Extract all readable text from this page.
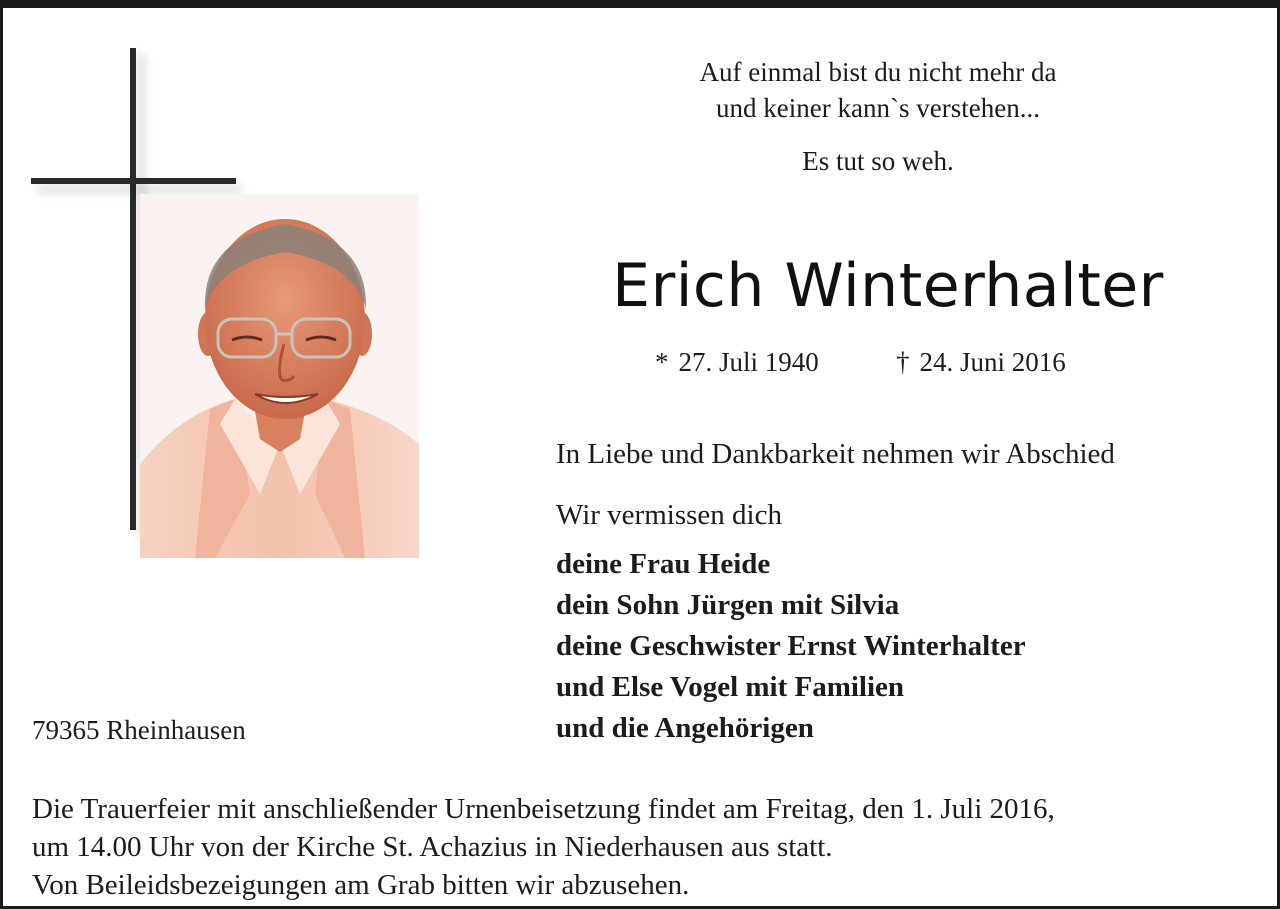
Auf einmal bist du nicht mehr da
und keiner kann`s verstehen...
Es tut so weh.
Erich Winterhalter
* 27. Juli 1940	† 24. Juni 2016
In Liebe und Dankbarkeit nehmen wir Abschied
Wir vermissen dich
deine Frau Heide
dein Sohn Jürgen mit Silvia
deine Geschwister Ernst Winterhalter
und Else Vogel mit Familien
und die Angehörigen
79365 Rheinhausen
Die Trauerfeier mit anschließender Urnenbeisetzung findet am Freitag, den 1. Juli 2016,
um 14.00 Uhr von der Kirche St. Achazius in Niederhausen aus statt.
Von Beileidsbezeigungen am Grab bitten wir abzusehen.
